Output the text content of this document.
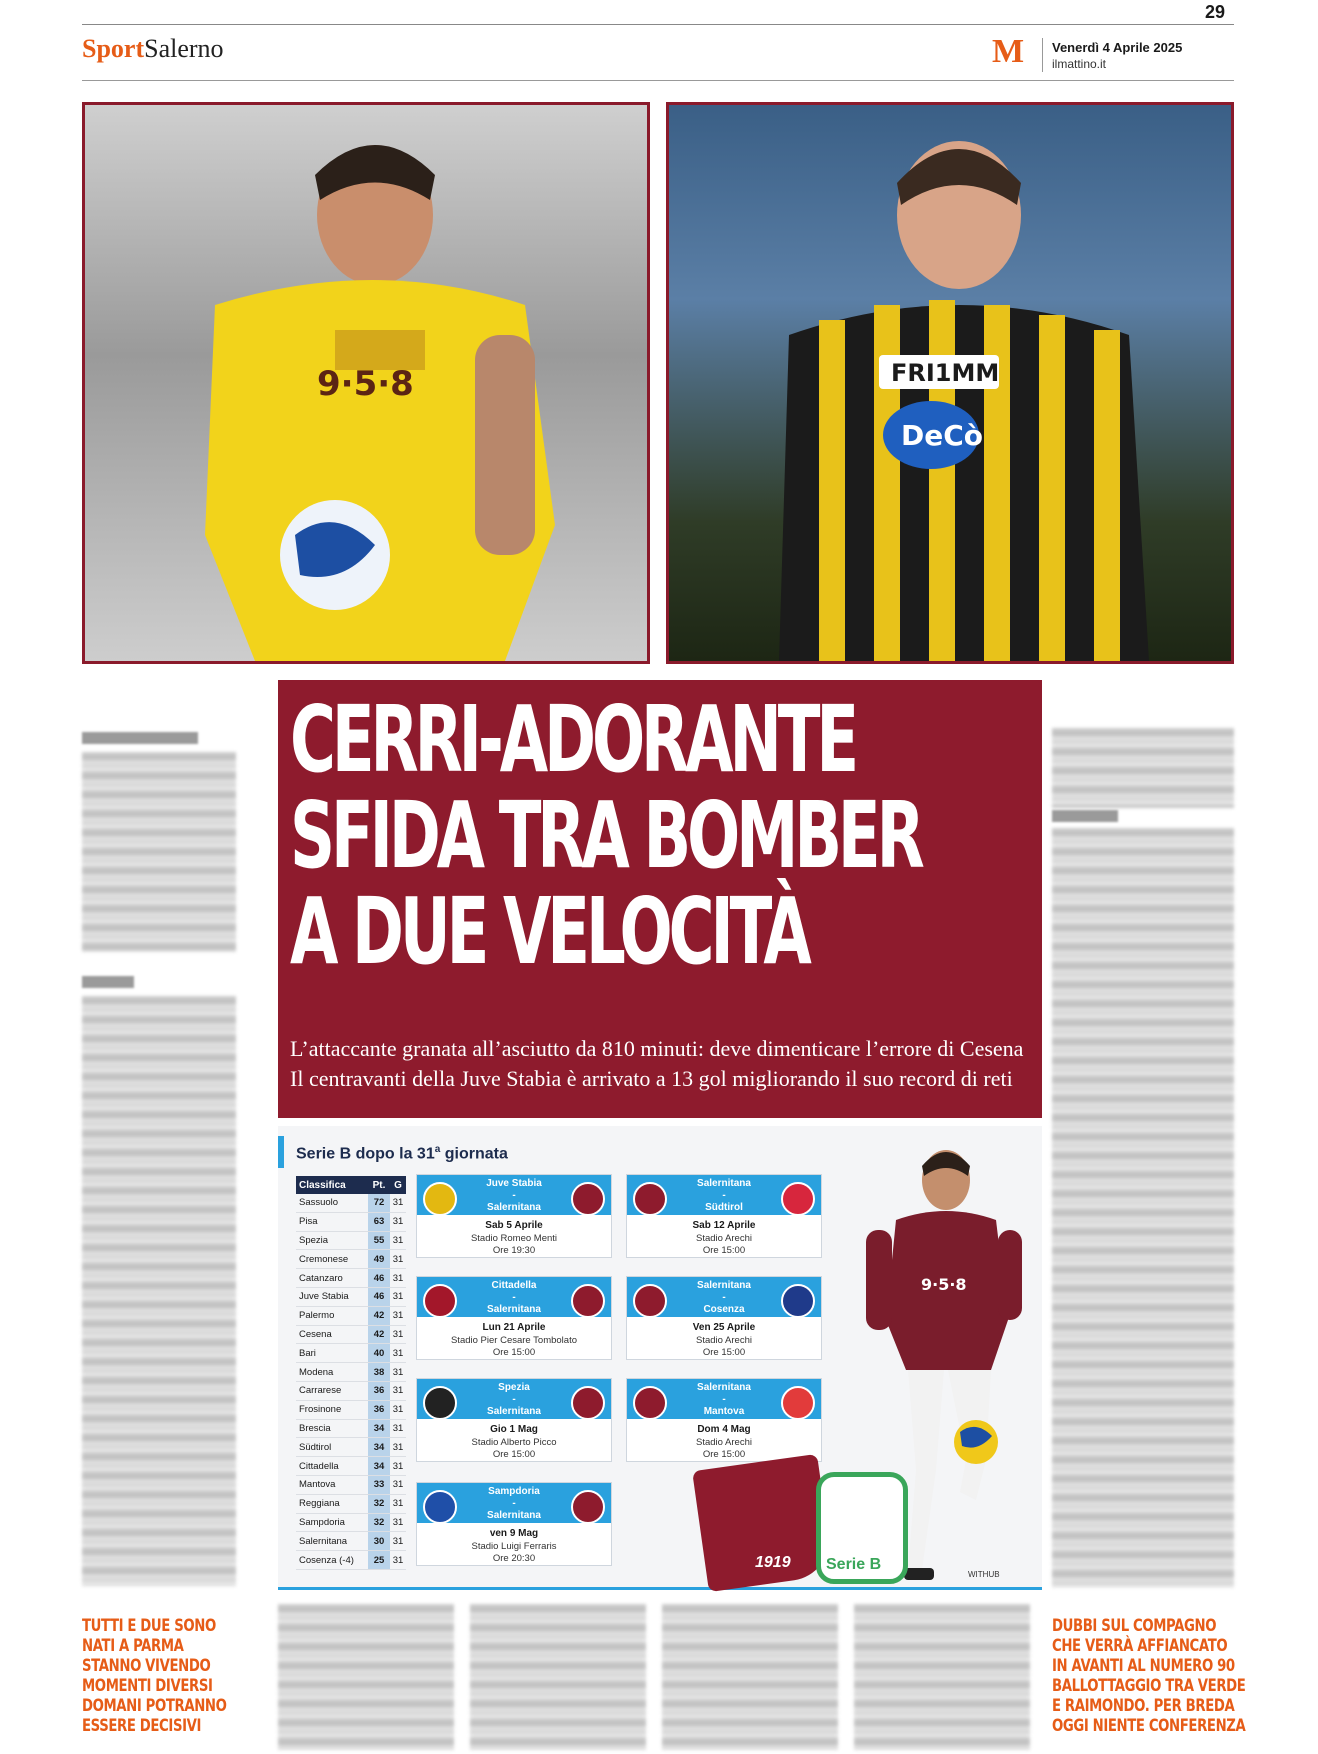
29
SportSalerno	M Venerdì 4 Aprile 2025
ilmattino.it
9·5·8	FRI1MM
DeCò
CERRI-ADORANTE
SFIDA TRA BOMBER
A DUE VELOCITÀ
L’attaccante granata all’asciutto da 810 minuti: deve dimenticare l’errore di Cesena
Il centravanti della Juve Stabia è arrivato a 13 gol migliorando il suo record di reti
Serie B dopo la 31$^a$ giornata
Classifica	Pt. G
Sassuolo	72 31
Pisa	63 31
Spezia	55 31
Cremonese	49 31
Catanzaro	46 31
Juve Stabia	46 31
Palermo	42 31
Cesena	42 31
Bari	40 31
Modena	38 31
Carrarese	36 31
Frosinone	36 31
Brescia	34 31
Südtirol	34 31
Cittadella	34 31
Mantova	33 31
Reggiana	32 31
Sampdoria	32 31
Salernitana	30 31
Cosenza (-4)	25 31
Juve Stabia
-
Salernitana
Sab 5 Aprile
Stadio Romeo Menti
Ore 19:30
Salernitana
-
Südtirol
Sab 12 Aprile
Stadio Arechi
Ore 15:00
Cittadella
-
Salernitana
Lun 21 Aprile
Stadio Pier Cesare Tombolato
Ore 15:00
Salernitana
-
Cosenza
Ven 25 Aprile
Stadio Arechi
Ore 15:00
Spezia
-
Salernitana
Gio 1 Mag
Stadio Alberto Picco
Ore 15:00
Salernitana
-
Mantova
Dom 4 Mag
Stadio Arechi
Ore 15:00
Sampdoria
-
Salernitana
ven 9 Mag
Stadio Luigi Ferraris
Ore 20:30
9·5·8
1919 Serie B
WITHUB
TUTTI E DUE SONO
NATI A PARMA
STANNO VIVENDO
MOMENTI DIVERSI
DOMANI POTRANNO
ESSERE DECISIVI
DUBBI SUL COMPAGNO
CHE VERRÀ AFFIANCATO
IN AVANTI AL NUMERO 90
BALLOTTAGGIO TRA VERDE
E RAIMONDO. PER BREDA
OGGI NIENTE CONFERENZA
